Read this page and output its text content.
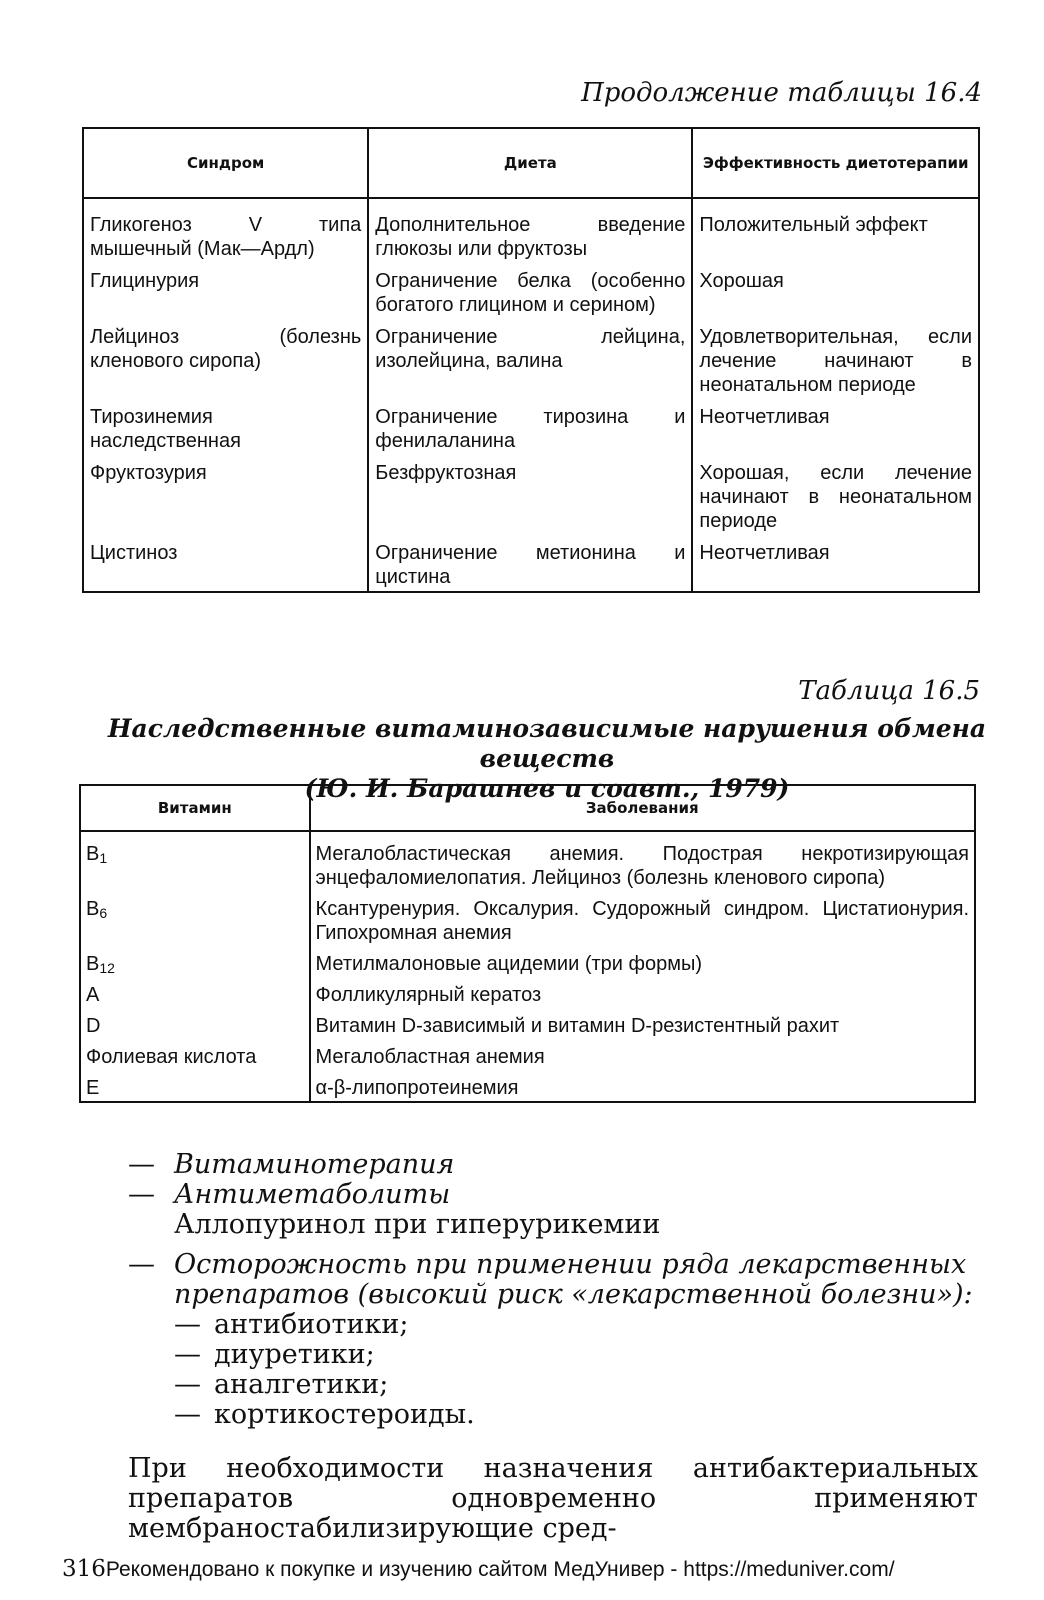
Продолжение таблицы 16.4
Синдром	Диета	Эффективность диетотерапии
Гликогеноз V типа мышечный (Мак—Ардл)	Дополнительное введение глюкозы или фруктозы	Положительный эффект
Глицинурия	Ограничение белка (особенно богатого глицином и серином)	Хорошая
Лейциноз (болезнь кленового сиропа)	Ограничение лейцина, изолейцина, валина	Удовлетворительная, если лечение начинают в неонатальном периоде
Тирозинемия наследственная	Ограничение тирозина и фенилаланина	Неотчетливая
Фруктозурия	Безфруктозная	Хорошая, если лечение начинают в неонатальном периоде
Цистиноз	Ограничение метионина и цистина	Неотчетливая
Таблица 16.5
Наследственные витаминозависимые нарушения обмена веществ
(Ю. И. Барашнев и соавт., 1979)
Витамин	Заболевания
$B_1$	Мегалобластическая анемия. Подострая некротизирующая энцефаломиелопатия. Лейциноз (болезнь кленового сиропа)
$B_6$	Ксантуренурия. Оксалурия. Судорожный синдром. Цистатионурия. Гипохромная анемия
$B_{12}$	Метилмалоновые ацидемии (три формы)
A	Фолликулярный кератоз
D	Витамин D-зависимый и витамин D-резистентный рахит
Фолиевая кислота	Мегалобластная анемия
E	α-β-липопротеинемия
— Витаминотерапия
— Антиметаболиты
Аллопуринол при гиперурикемии
— Осторожность при применении ряда лекарственных препаратов (высокий риск «лекарственной болезни»):
— антибиотики;
— диуретики;
— аналгетики;
— кортикостероиды.
При необходимости назначения антибактериальных препаратов одновременно применяют мембраностабилизирующие сред-
316Рекомендовано к покупке и изучению сайтом МедУнивер - https://meduniver.com/
